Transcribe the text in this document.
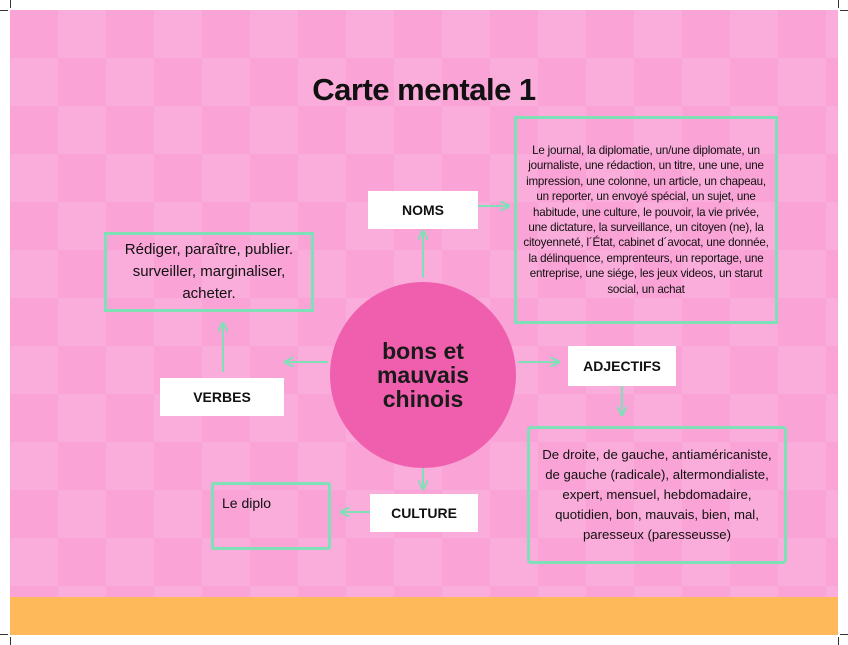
Carte mentale 1
bons et mauvais chinois
NOMS
Le journal, la diplomatie, un/une diplomate, un journaliste, une rédaction, un titre, une une, une impression, une colonne, un article, un chapeau, un reporter, un envoyé spécial, un sujet, une habitude, une culture, le pouvoir, la vie privée, une dictature, la surveillance, un citoyen (ne), la citoyenneté, l´État, cabinet d´avocat, une donnée, la délinquence, emprenteurs, un reportage, une entreprise, une siége, les jeux videos, un starut social, un achat
VERBES
Rédiger, paraître, publier. surveiller, marginaliser, acheter.
ADJECTIFS
De droite, de gauche, antiaméricaniste, de gauche (radicale), altermondialiste, expert, mensuel, hebdomadaire, quotidien, bon, mauvais, bien, mal, paresseux (paresseusse)
CULTURE
Le diplo
